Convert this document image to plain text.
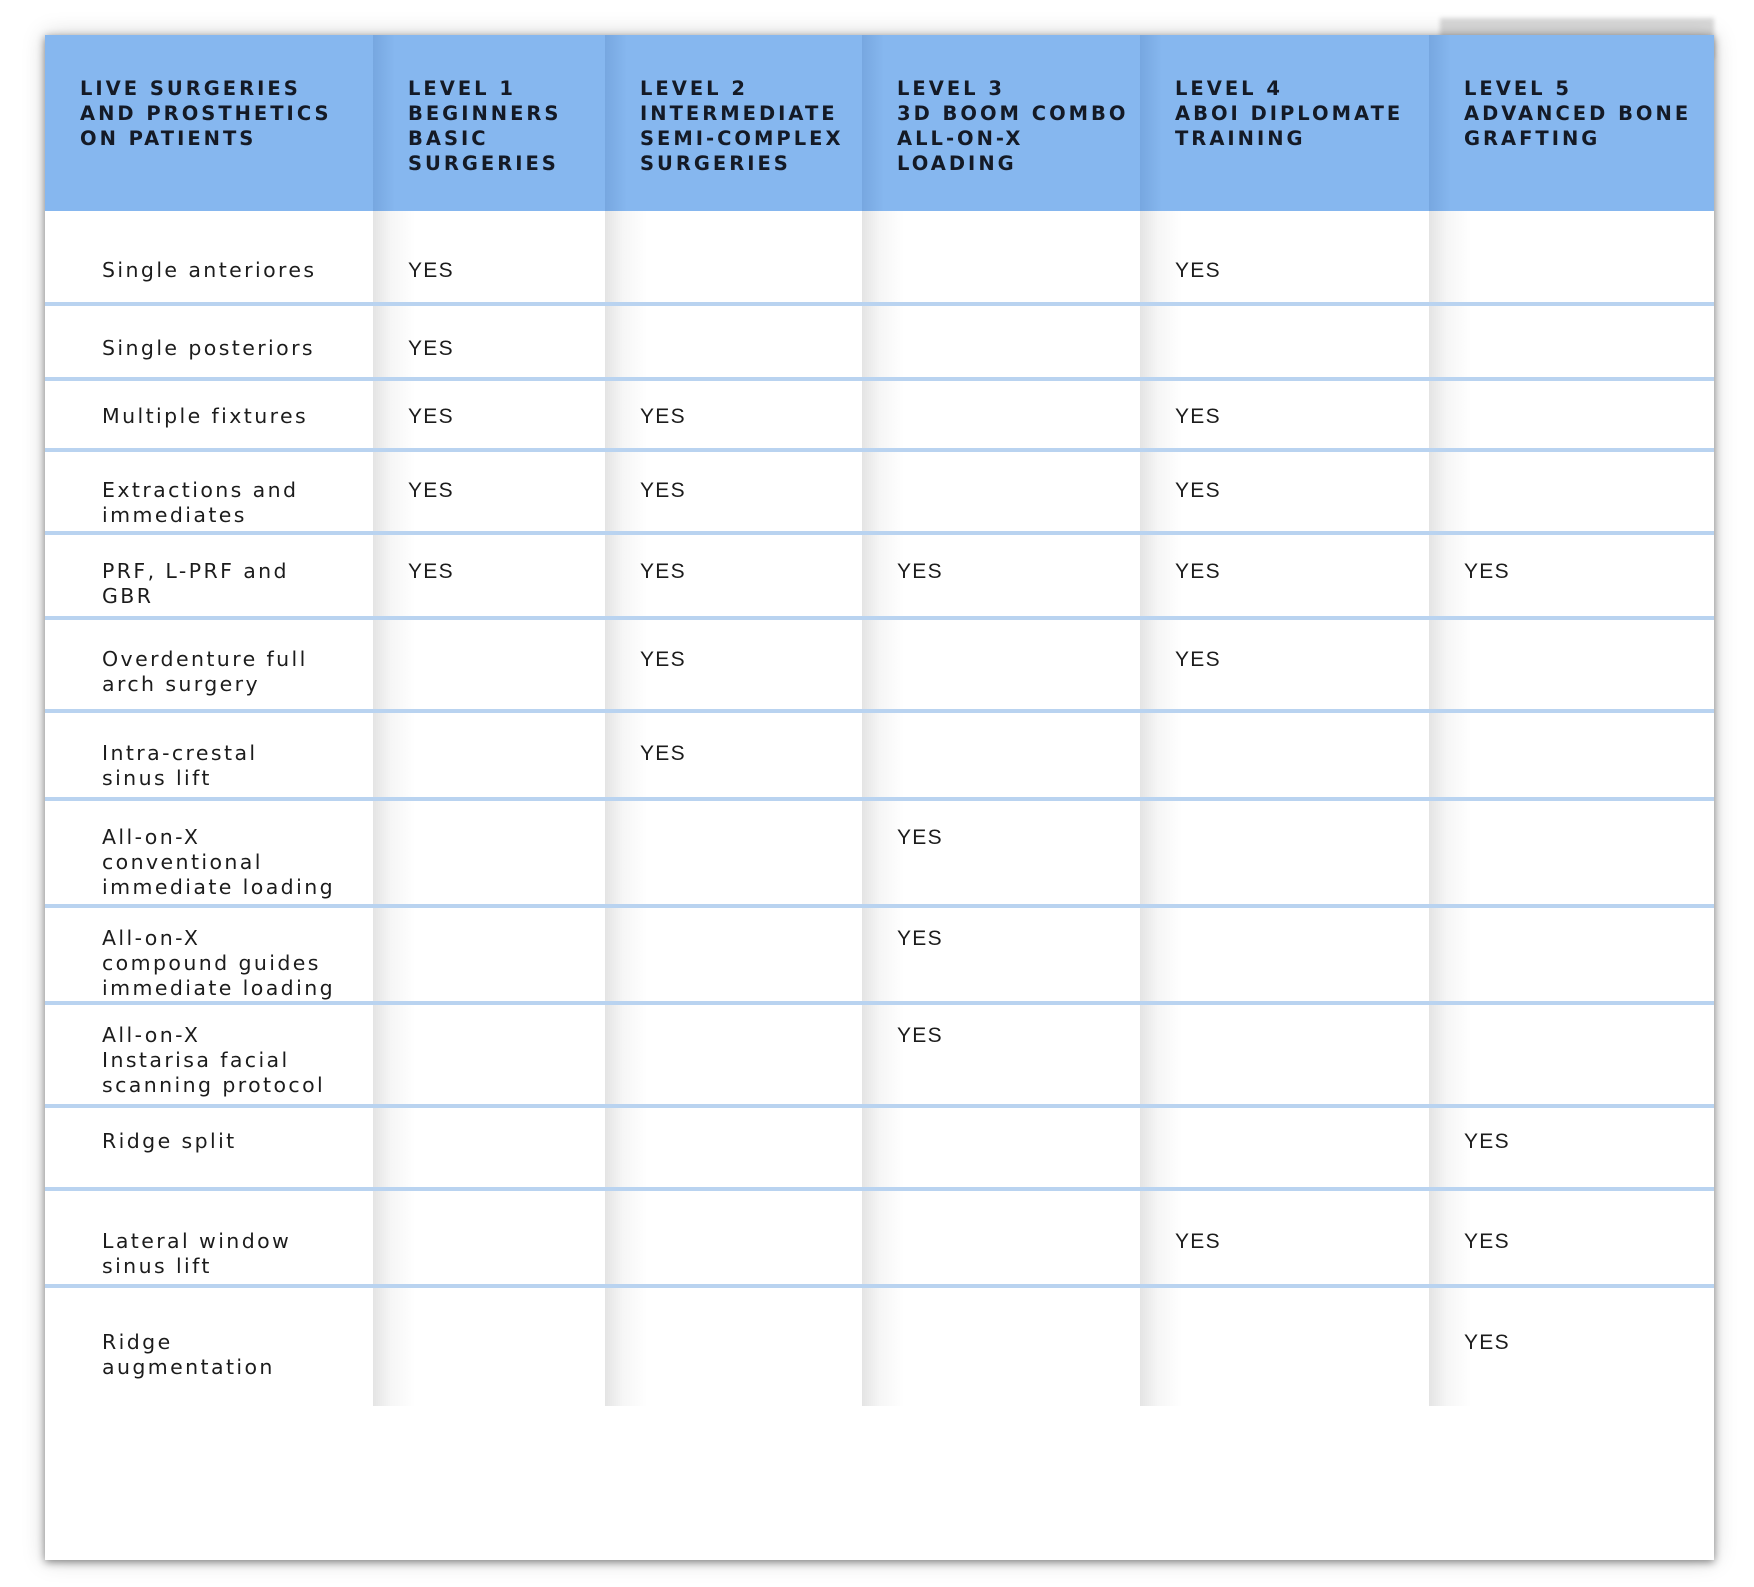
LIVE SURGERIES
AND PROSTHETICS
ON PATIENTS	LEVEL 1
BEGINNERS
BASIC
SURGERIES	LEVEL 2
INTERMEDIATE
SEMI-COMPLEX
SURGERIES	LEVEL 3
3D BOOM COMBO
ALL-ON-X
LOADING	LEVEL 4
ABOI DIPLOMATE
TRAINING	LEVEL 5
ADVANCED BONE
GRAFTING
Single anteriores	YES			YES	
Single posteriors	YES				
Multiple fixtures	YES	YES		YES	
Extractions and
immediates	YES	YES		YES	
PRF, L-PRF and
GBR	YES	YES	YES	YES	YES
Overdenture full
arch surgery		YES		YES	
Intra-crestal
sinus lift		YES			
All-on-X
conventional
immediate loading			YES		
All-on-X
compound guides
immediate loading			YES		
All-on-X
Instarisa facial
scanning protocol			YES		
Ridge split					YES
Lateral window
sinus lift				YES	YES
Ridge
augmentation					YES
